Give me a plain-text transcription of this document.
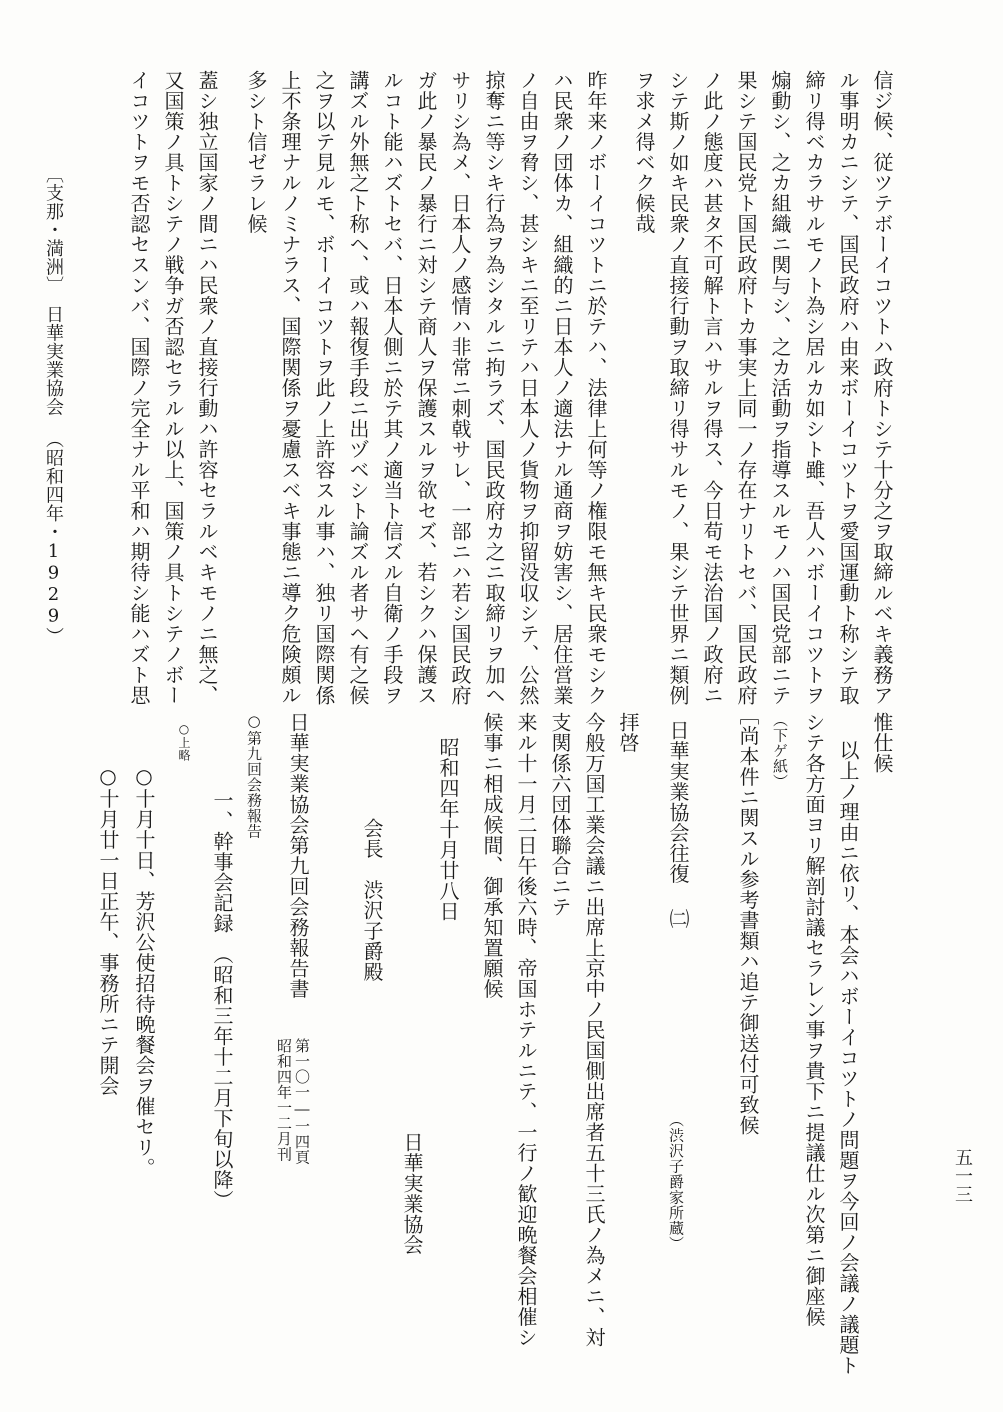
五一三
信ジ候、従ツテボーイコツトハ政府トシテ十分之ヲ取締ルベキ義務ア
ル事明カニシテ、国民政府ハ由来ボーイコツトヲ愛国運動ト称シテ取
締リ得ベカラサルモノト為シ居ルカ如シト雖、吾人ハボーイコツトヲ
煽動シ、之カ組織ニ関与シ、之カ活動ヲ指導スルモノハ国民党部ニテ
果シテ国民党ト国民政府トカ事実上同一ノ存在ナリトセバ、国民政府
ノ此ノ態度ハ甚タ不可解ト言ハサルヲ得ス、今日苟モ法治国ノ政府ニ
シテ斯ノ如キ民衆ノ直接行動ヲ取締リ得サルモノ、果シテ世界ニ類例
ヲ求メ得ベク候哉
昨年来ノボーイコツトニ於テハ、法律上何等ノ権限モ無キ民衆モシク
ハ民衆ノ団体カ、組織的ニ日本人ノ適法ナル通商ヲ妨害シ、居住営業
ノ自由ヲ脅シ、甚シキニ至リテハ日本人ノ貨物ヲ抑留没収シテ、公然
掠奪ニ等シキ行為ヲ為シタルニ拘ラズ、国民政府カ之ニ取締リヲ加ヘ
サリシ為メ、日本人ノ感情ハ非常ニ刺戟サレ、一部ニハ若シ国民政府
ガ此ノ暴民ノ暴行ニ対シテ商人ヲ保護スルヲ欲セズ、若シクハ保護ス
ルコト能ハズトセバ、日本人側ニ於テ其ノ適当ト信ズル自衛ノ手段ヲ
講ズル外無之ト称ヘ、或ハ報復手段ニ出ヅベシト論ズル者サヘ有之候
之ヲ以テ見ルモ、ボーイコツトヲ此ノ上許容スル事ハ、独リ国際関係
上不条理ナルノミナラス、国際関係ヲ憂慮スベキ事態ニ導ク危険頗ル
多シト信ゼラレ候
蓋シ独立国家ノ間ニハ民衆ノ直接行動ハ許容セラルベキモノニ無之、
又国策ノ具トシテノ戦争ガ否認セラルル以上、国策ノ具トシテノボー
イコツトヲモ否認セスンバ、国際ノ完全ナル平和ハ期待シ能ハズト思
〔支那・満洲〕
日華実業協会
（昭和四年・1929）
惟仕候
以上ノ理由ニ依リ、本会ハボーイコツトノ問題ヲ今回ノ会議ノ議題ト
シテ各方面ヨリ解剖討議セラレン事ヲ貴下ニ提議仕ル次第ニ御座候
（下ゲ紙）
［尚本件ニ関スル参考書類ハ追テ御送付可致候
日華実業協会往復 ㈡
（渋沢子爵家所蔵）
拝啓
今般万国工業会議ニ出席上京中ノ民国側出席者五十三氏ノ為メニ、対
支関係六団体聯合ニテ
来ル十一月二日午後六時、帝国ホテルニテ、一行ノ歓迎晩餐会相催シ
候事ニ相成候間、御承知置願候
昭和四年十月廿八日
日華実業協会
会長　渋沢子爵殿
日華実業協会第九回会務報告書
第一〇一―一四頁
昭和四年一二月刊
○第九回会務報告
一、幹事会記録　（昭和三年十二月下旬以降）
○上略
○十月十日、芳沢公使招待晩餐会ヲ催セリ。
○十月廿一日正午、事務所ニテ開会
